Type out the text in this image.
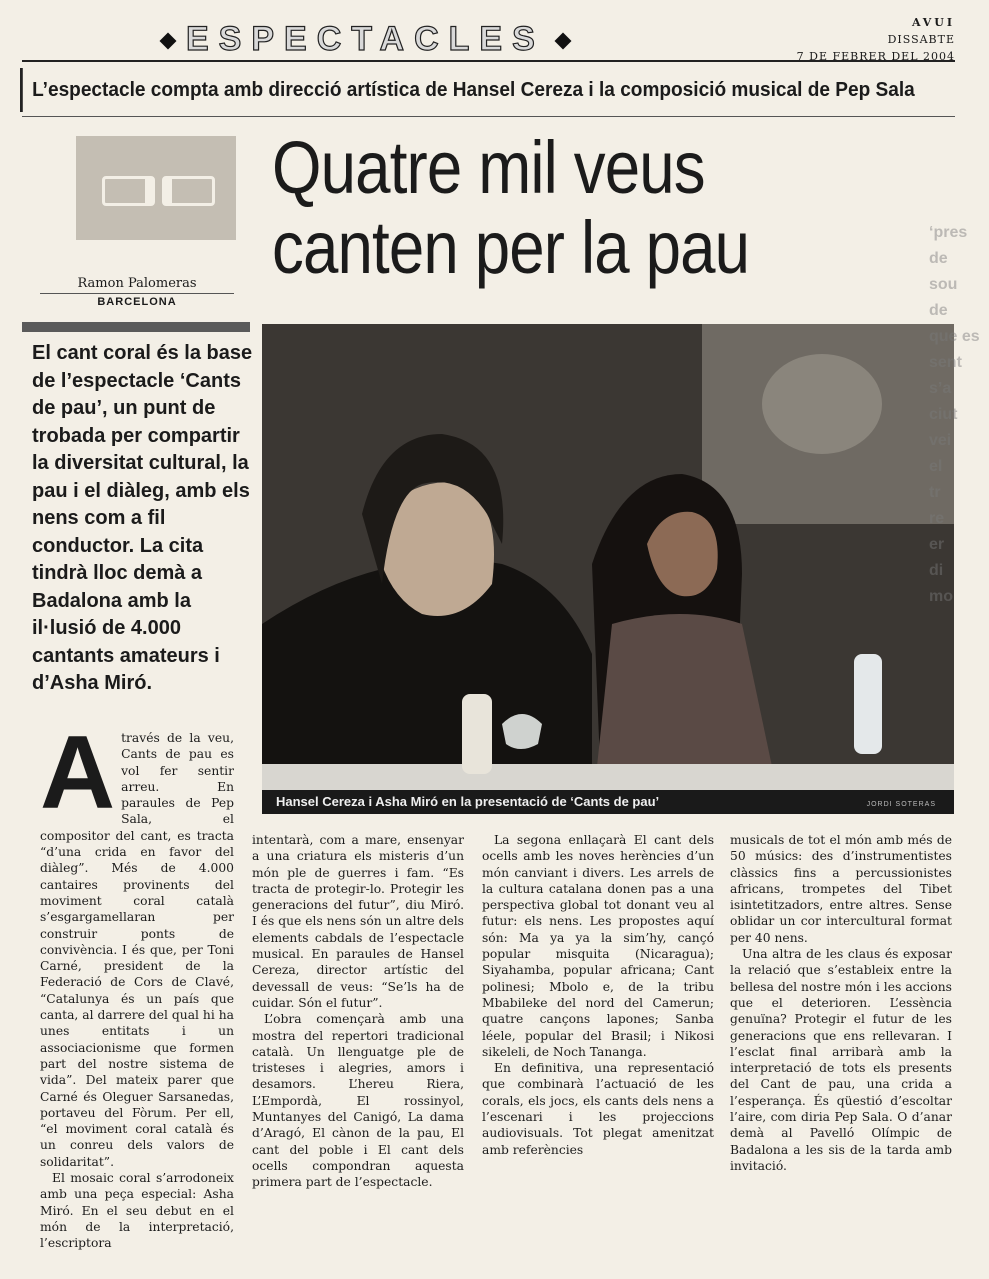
ESPECTACLES	AVUI
DISSABTE
7 DE FEBRER DEL 2004
L’espectacle compta amb direcció artística de Hansel Cereza i la composició musical de Pep Sala
Ramon Palomeras
BARCELONA
Quatre mil veus
canten per la pau
El cant coral és la base de l’espectacle ‘Cants de pau’, un punt de trobada per compartir la diversitat cultural, la pau i el diàleg, amb els nens com a fil conductor. La cita tindrà lloc demà a Badalona amb la il·lusió de 4.000 cantants amateurs i d’Asha Miró.
Hansel Cereza i Asha Miró en la presentació de ‘Cants de pau’	JORDI SOTERAS
A través de la veu, Cants de pau es vol fer sentir arreu. En paraules de Pep Sala, el compositor del cant, es tracta “d’una crida en favor del diàleg”. Més de 4.000 cantaires provinents del moviment coral català s’esgargamellaran per construir ponts de convivència. I és que, per Toni Carné, president de la Federació de Cors de Clavé, “Catalunya és un país que canta, al darrere del qual hi ha unes entitats i un associacionisme que formen part del nostre sistema de vida”. Del mateix parer que Carné és Oleguer Sarsanedas, portaveu del Fòrum. Per ell, “el moviment coral català és un conreu dels valors de solidaritat”.

El mosaic coral s’arrodoneix amb una peça especial: Asha Miró. En el seu debut en el món de la interpretació, l’escriptora

intentarà, com a mare, ensenyar a una criatura els misteris d’un món ple de guerres i fam. “Es tracta de protegir-lo. Protegir les generacions del futur”, diu Miró. I és que els nens són un altre dels elements cabdals de l’espectacle musical. En paraules de Hansel Cereza, director artístic del devessall de veus: “Se’ls ha de cuidar. Són el futur”.

L’obra començarà amb una mostra del repertori tradicional català. Un llenguatge ple de tristeses i alegries, amors i desamors. L’hereu Riera, L’Empordà, El rossinyol, Muntanyes del Canigó, La dama d’Aragó, El cànon de la pau, El cant del poble i El cant dels ocells compondran aquesta primera part de l’espectacle.

La segona enllaçarà El cant dels ocells amb les noves herències d’un món canviant i divers. Les arrels de la cultura catalana donen pas a una perspectiva global tot donant veu al futur: els nens. Les propostes aquí són: Ma ya ya la sim’hy, cançó popular misquita (Nicaragua); Siyahamba, popular africana; Cant polinesi; Mbolo e, de la tribu Mbabileke del nord del Camerun; quatre cançons lapones; Sanba léele, popular del Brasil; i Nikosi sikeleli, de Noch Tananga.

En definitiva, una representació que combinarà l’actuació de les corals, els jocs, els cants dels nens a l’escenari i les projeccions audiovisuals. Tot plegat amenitzat amb referències

musicals de tot el món amb més de 50 músics: des d’instrumentistes clàssics fins a percussionistes africans, trompetes del Tibet isintetitzadors, entre altres. Sense oblidar un cor intercultural format per 40 nens.

Una altra de les claus és exposar la relació que s’estableix entre la bellesa del nostre món i les accions que el deterioren. L’essència genuïna? Protegir el futur de les generacions que ens rellevaran. I l’esclat final arribarà amb la interpretació de tots els presents del Cant de pau, una crida a l’esperança. És qüestió d’escoltar l’aire, com diria Pep Sala. O d’anar demà al Pavelló Olímpic de Badalona a les sis de la tarda amb invitació.

‘pres de
sou
de
que es
sent
s’a
ciut
vei
el
tr
re
er
di
mo
